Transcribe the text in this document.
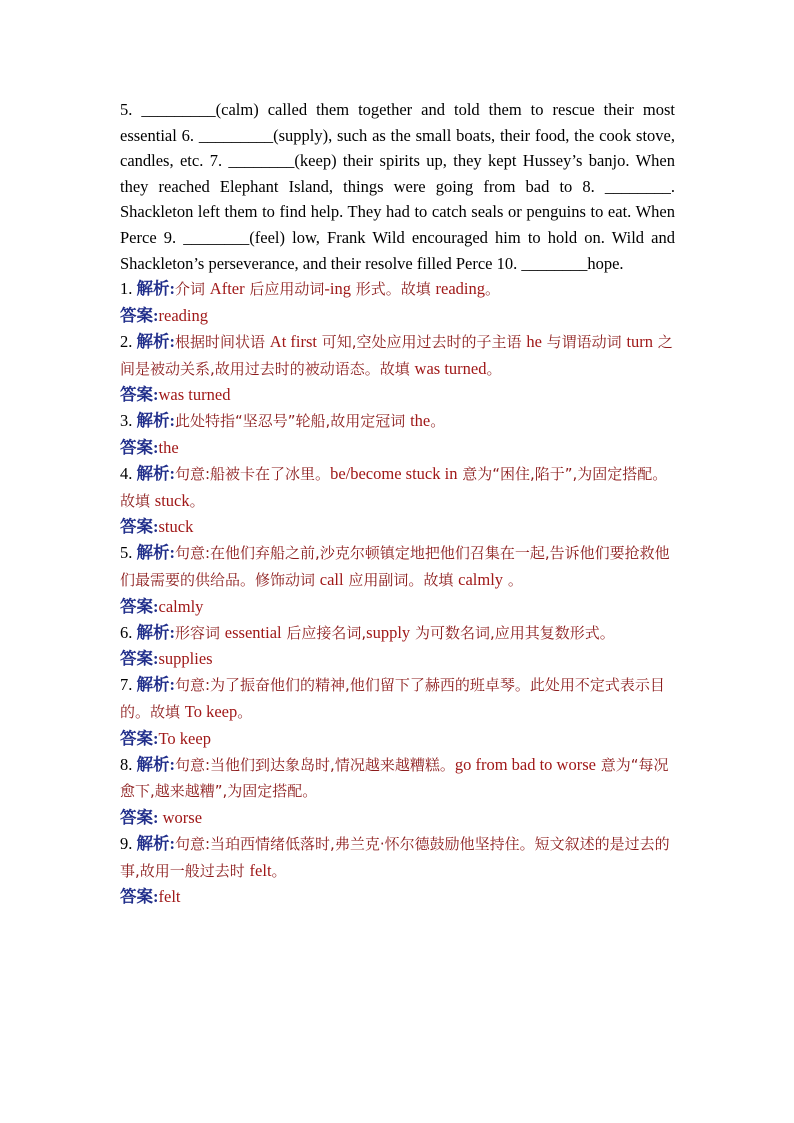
5. _________(calm) called them together and told them to rescue their most essential 6. _________(supply), such as the small boats, their food, the cook stove, candles, etc. 7. ________(keep) their spirits up, they kept Hussey’s banjo. When they reached Elephant Island, things were going from bad to 8. ________. Shackleton left them to find help. They had to catch seals or penguins to eat. When Perce 9. ________(feel) low, Frank Wild encouraged him to hold on. Wild and Shackleton’s perseverance, and their resolve filled Perce 10. ________hope.

1. 解析:介词 After 后应用动词-ing 形式。故填 reading。

答案:reading

2. 解析:根据时间状语 At first 可知,空处应用过去时的子主语 he 与谓语动词 turn 之间是被动关系,故用过去时的被动语态。故填 was turned。

答案:was turned

3. 解析:此处特指“坚忍号”轮船,故用定冠词 the。

答案:the

4. 解析:句意:船被卡在了冰里。be/become stuck in 意为“困住,陷于”,为固定搭配。故填 stuck。

答案:stuck

5. 解析:句意:在他们弃船之前,沙克尔顿镇定地把他们召集在一起,告诉他们要抢救他们最需要的供给品。修饰动词 call 应用副词。故填 calmly 。

答案:calmly

6. 解析:形容词 essential 后应接名词,supply 为可数名词,应用其复数形式。

答案:supplies

7. 解析:句意:为了振奋他们的精神,他们留下了赫西的班卓琴。此处用不定式表示目的。故填 To keep。

答案:To keep

8. 解析:句意:当他们到达象岛时,情况越来越糟糕。go from bad to worse 意为“每况愈下,越来越糟”,为固定搭配。

答案: worse

9. 解析:句意:当珀西情绪低落时,弗兰克·怀尔德鼓励他坚持住。短文叙述的是过去的事,故用一般过去时 felt。

答案:felt
